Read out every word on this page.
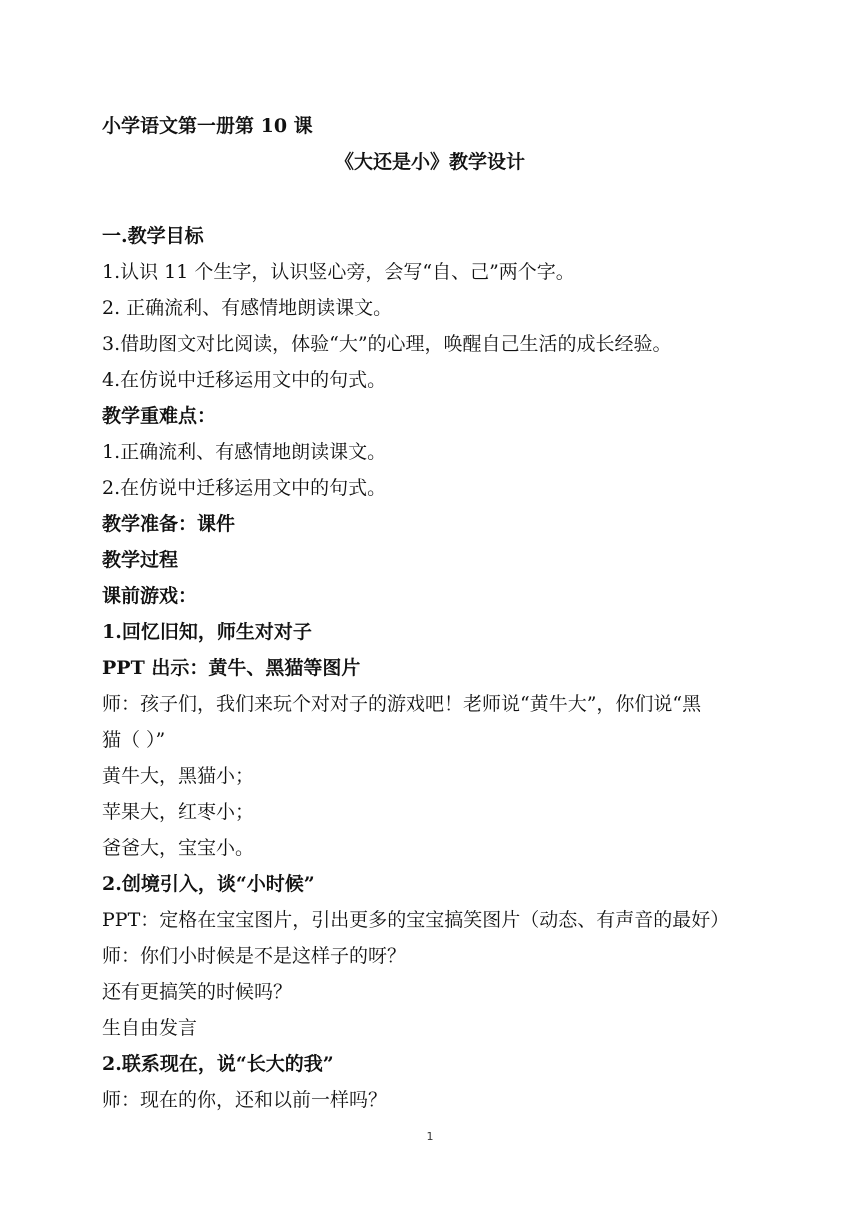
小学语文第一册第 10 课
《大还是小》教学设计
一.教学目标
1.认识 11 个生字，认识竖心旁，会写“自、己”两个字。
2. 正确流利、有感情地朗读课文。
3.借助图文对比阅读，体验“大”的心理，唤醒自己生活的成长经验。
4.在仿说中迁移运用文中的句式。
教学重难点：
1.正确流利、有感情地朗读课文。
2.在仿说中迁移运用文中的句式。
教学准备：课件
教学过程
课前游戏：
1.回忆旧知，师生对对子
PPT 出示：黄牛、黑猫等图片
师：孩子们，我们来玩个对对子的游戏吧！老师说“黄牛大”，你们说“黑
猫（ ）”
黄牛大，黑猫小；
苹果大，红枣小；
爸爸大，宝宝小。
2.创境引入，谈“小时候”
PPT：定格在宝宝图片，引出更多的宝宝搞笑图片（动态、有声音的最好）
师：你们小时候是不是这样子的呀？
还有更搞笑的时候吗？
生自由发言
2.联系现在，说“长大的我”
师：现在的你，还和以前一样吗？
1
